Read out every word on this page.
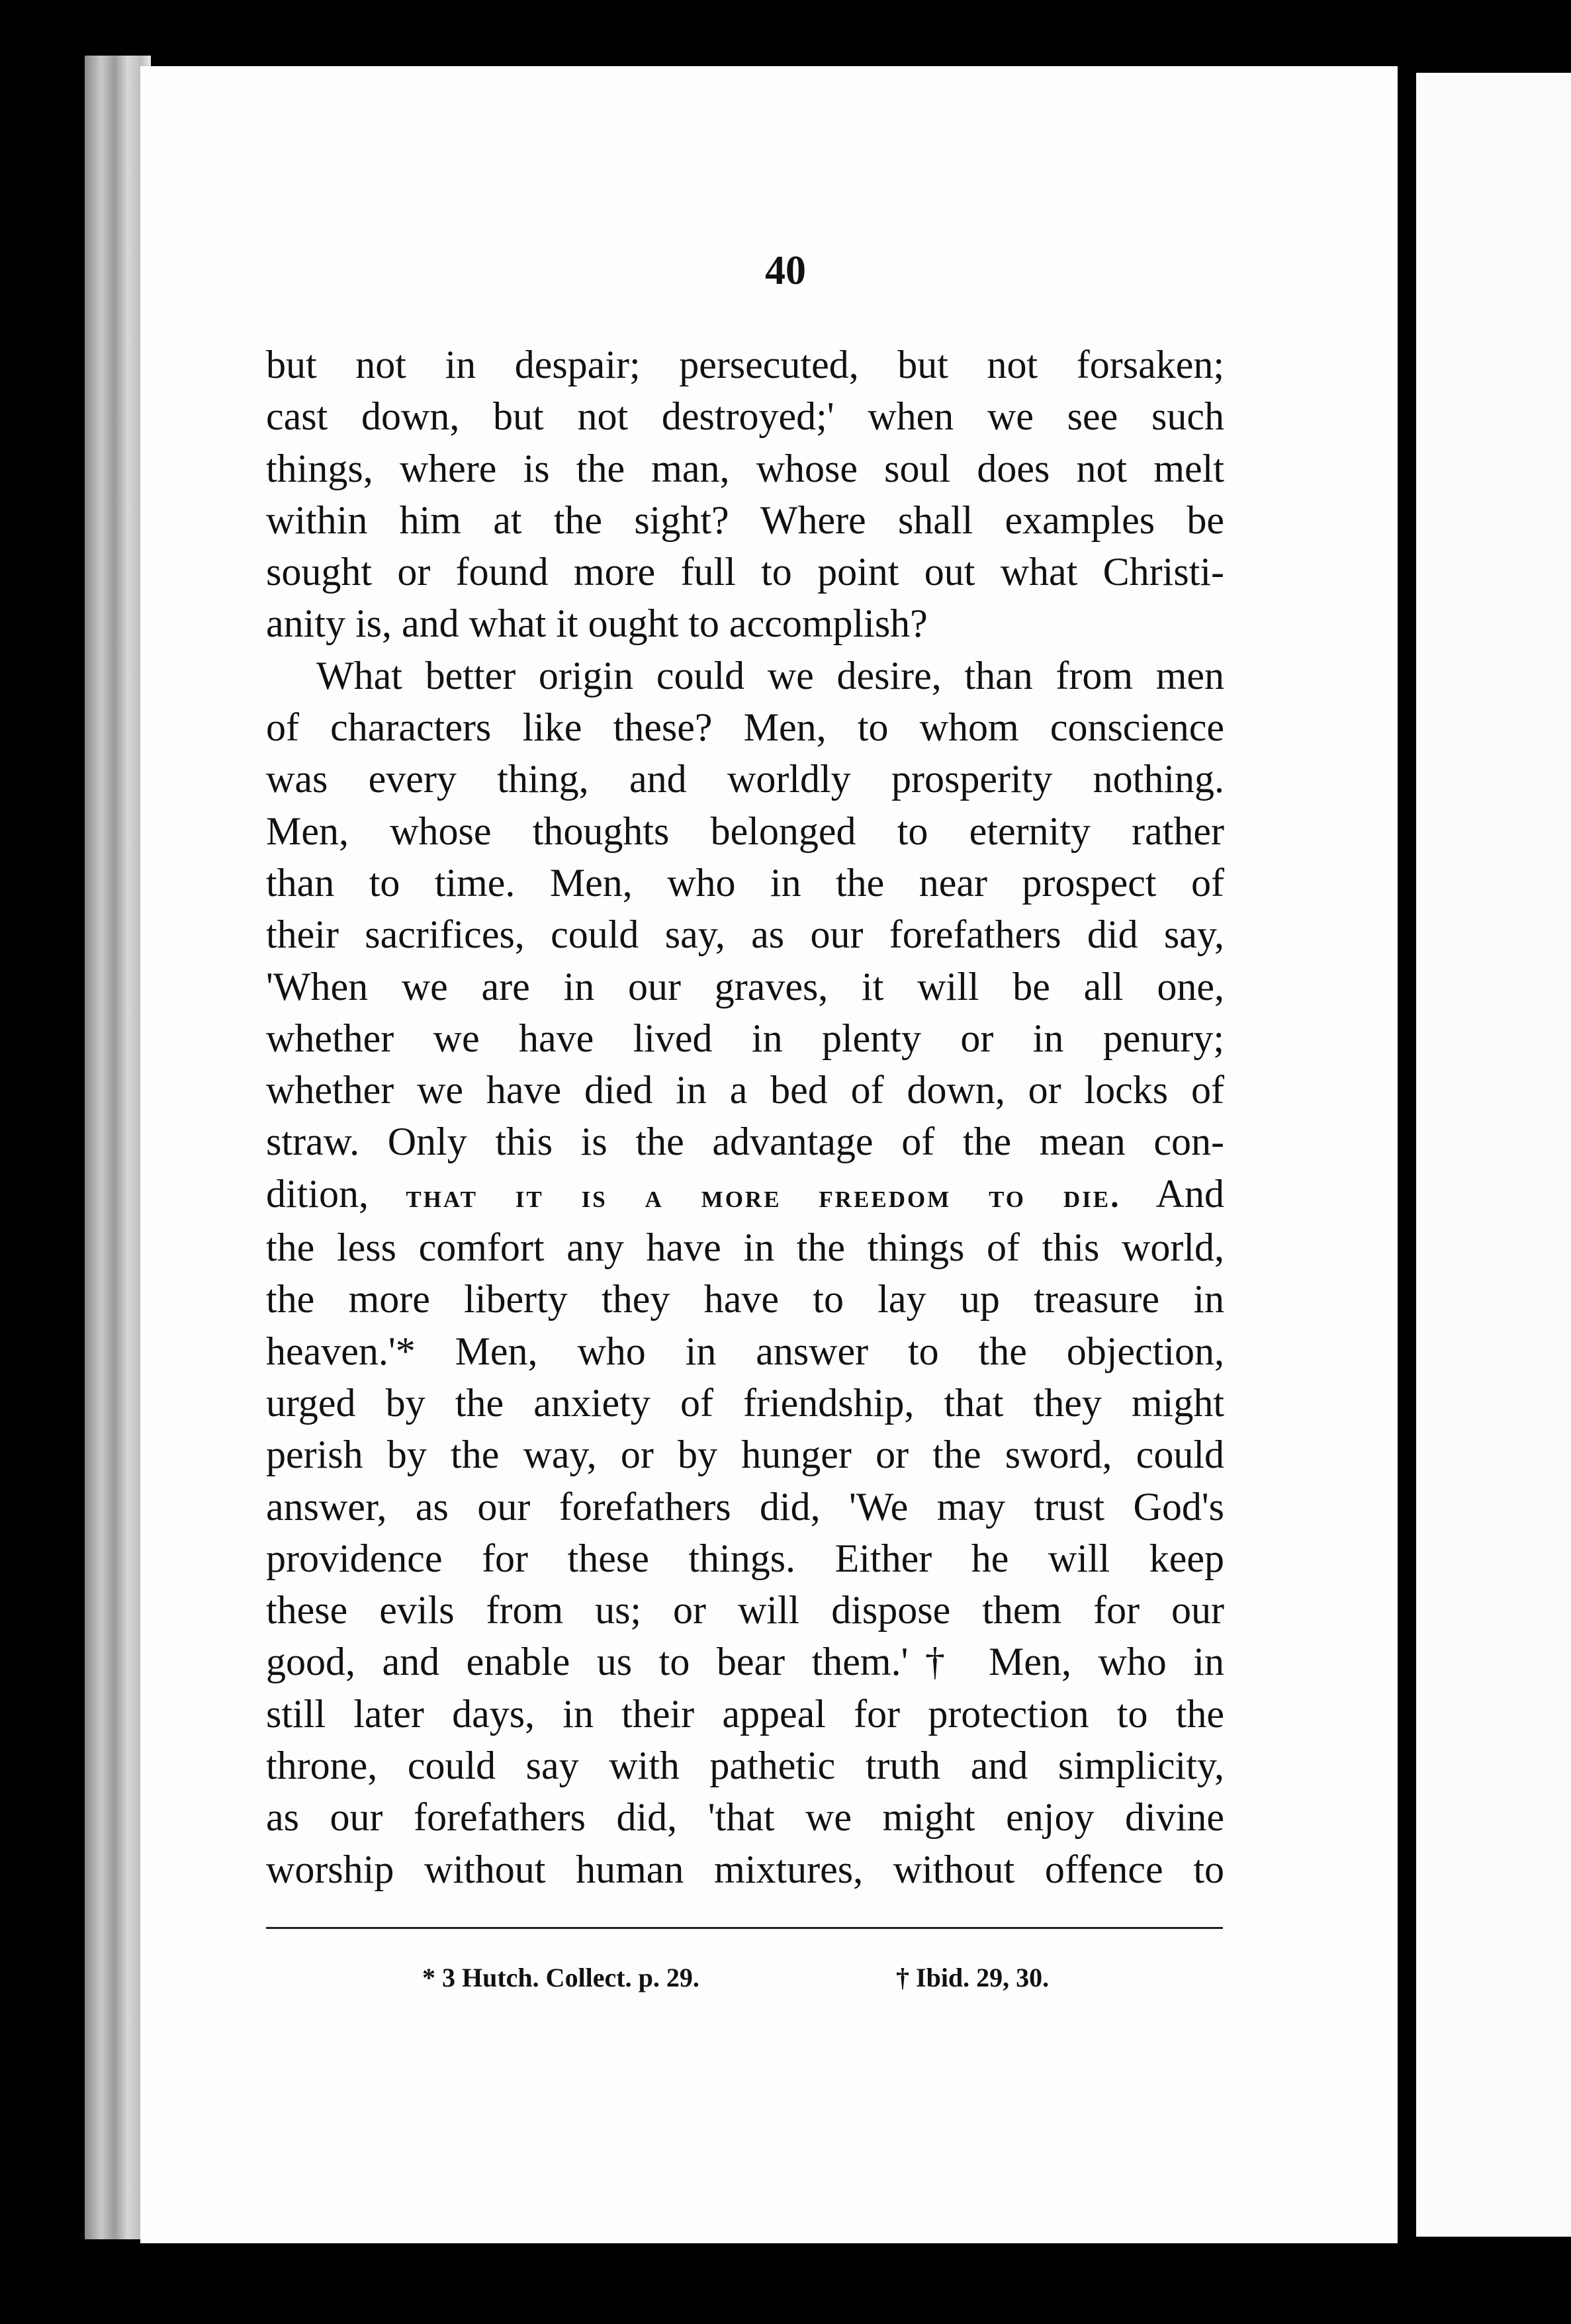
40
but not in despair; persecuted, but not forsaken;
cast down, but not destroyed;' when we see such
things, where is the man, whose soul does not melt
within him at the sight? Where shall examples be
sought or found more full to point out what Christi-
anity is, and what it ought to accomplish?
What better origin could we desire, than from men
of characters like these? Men, to whom conscience
was every thing, and worldly prosperity nothing.
Men, whose thoughts belonged to eternity rather
than to time. Men, who in the near prospect of
their sacrifices, could say, as our forefathers did say,
'When we are in our graves, it will be all one,
whether we have lived in plenty or in penury;
whether we have died in a bed of down, or locks of
straw. Only this is the advantage of the mean con-
dition, that it is a more freedom to die. And
the less comfort any have in the things of this world,
the more liberty they have to lay up treasure in
heaven.'* Men, who in answer to the objection,
urged by the anxiety of friendship, that they might
perish by the way, or by hunger or the sword, could
answer, as our forefathers did, 'We may trust God's
providence for these things. Either he will keep
these evils from us; or will dispose them for our
good, and enable us to bear them.'† Men, who in
still later days, in their appeal for protection to the
throne, could say with pathetic truth and simplicity,
as our forefathers did, 'that we might enjoy divine
worship without human mixtures, without offence to
* 3 Hutch. Collect. p. 29.	† Ibid. 29, 30.
